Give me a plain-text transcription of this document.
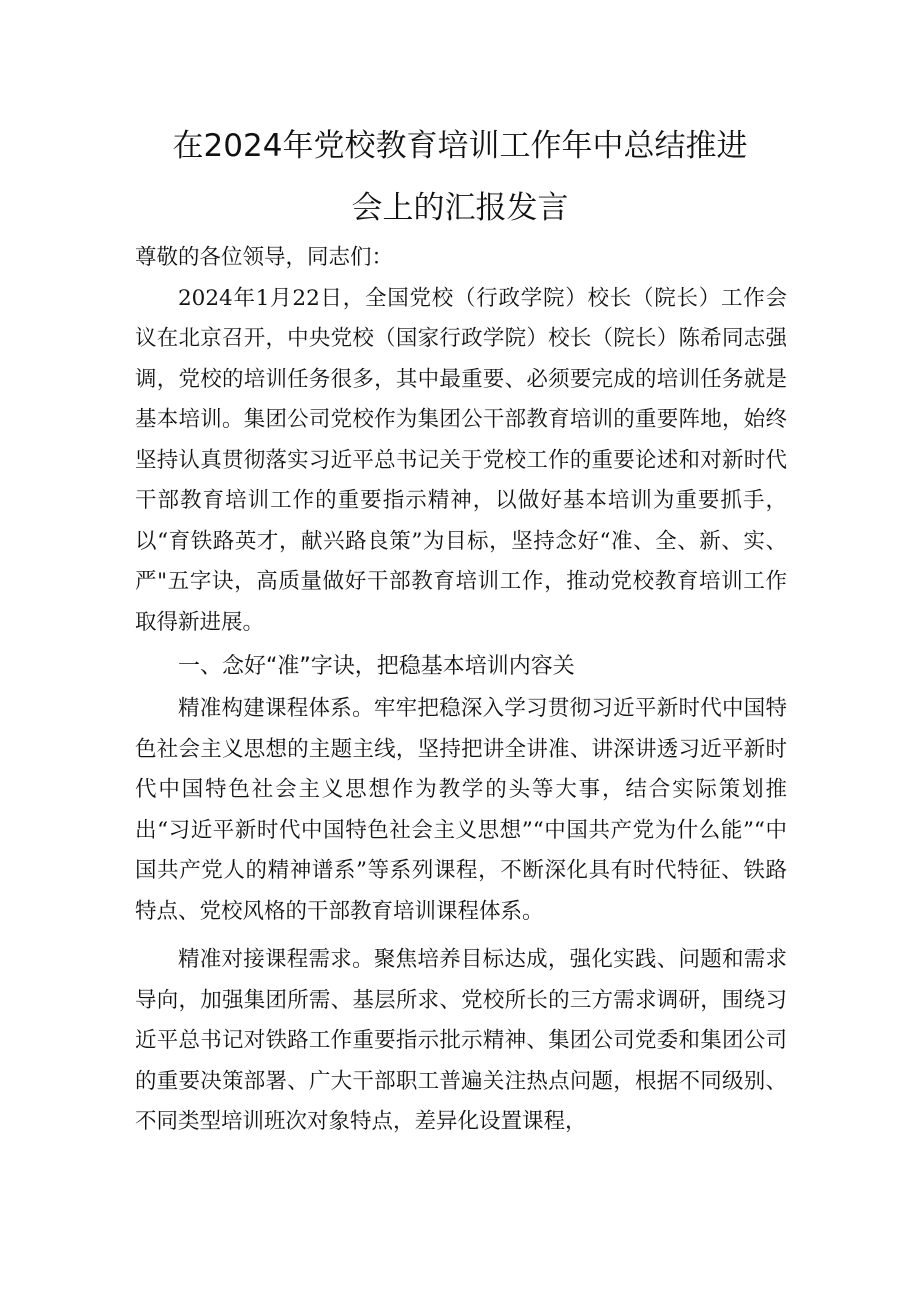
在2024年党校教育培训工作年中总结推进
会上的汇报发言

尊敬的各位领导，同志们：

2024年1月22日，全国党校（行政学院）校长（院长）工作会议在北京召开，中央党校（国家行政学院）校长（院长）陈希同志强调，党校的培训任务很多，其中最重要、必须要完成的培训任务就是基本培训。集团公司党校作为集团公干部教育培训的重要阵地，始终坚持认真贯彻落实习近平总书记关于党校工作的重要论述和对新时代干部教育培训工作的重要指示精神，以做好基本培训为重要抓手，以“育铁路英才，献兴路良策”为目标，坚持念好“准、全、新、实、严"五字诀，高质量做好干部教育培训工作，推动党校教育培训工作取得新进展。

一、念好“准”字诀，把稳基本培训内容关

精准构建课程体系。牢牢把稳深入学习贯彻习近平新时代中国特色社会主义思想的主题主线，坚持把讲全讲准、讲深讲透习近平新时代中国特色社会主义思想作为教学的头等大事，结合实际策划推出“习近平新时代中国特色社会主义思想”“中国共产党为什么能”“中国共产党人的精神谱系”等系列课程，不断深化具有时代特征、铁路特点、党校风格的干部教育培训课程体系。

精准对接课程需求。聚焦培养目标达成，强化实践、问题和需求导向，加强集团所需、基层所求、党校所长的三方需求调研，围绕习近平总书记对铁路工作重要指示批示精神、集团公司党委和集团公司的重要决策部署、广大干部职工普遍关注热点问题，根据不同级别、不同类型培训班次对象特点，差异化设置课程，
